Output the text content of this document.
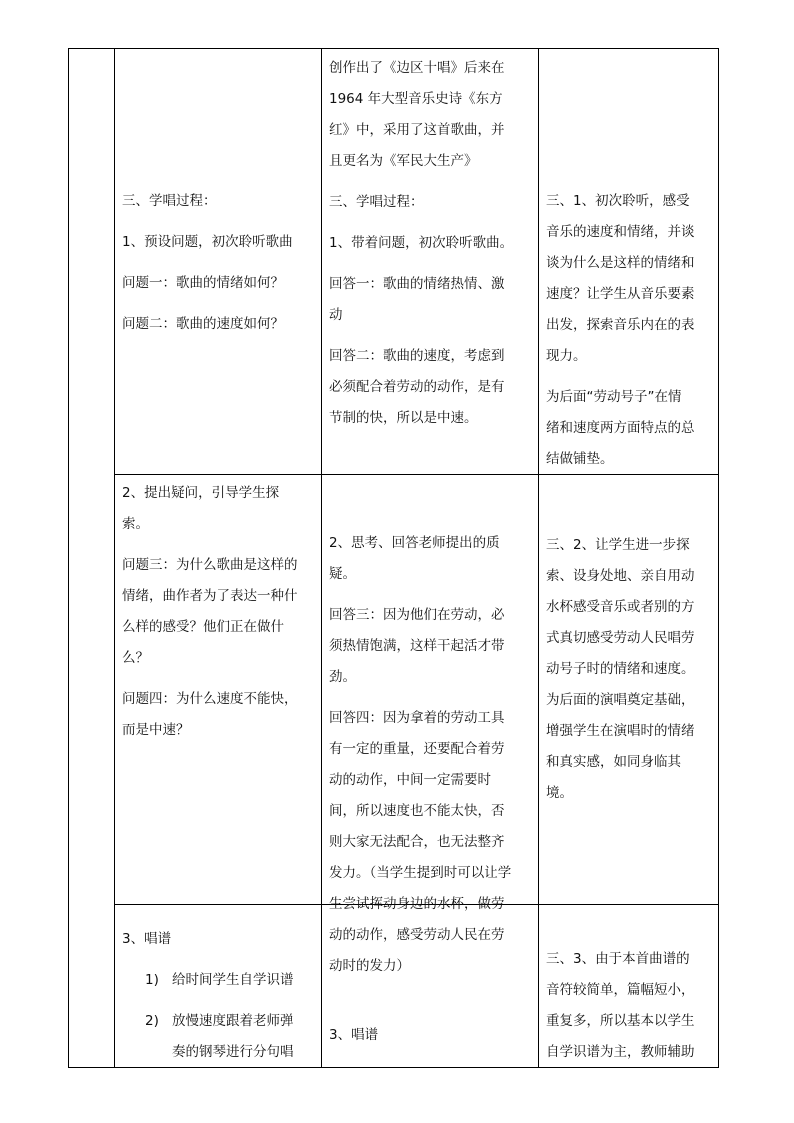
三、学唱过程：

1、预设问题，初次聆听歌曲

问题一：歌曲的情绪如何？

问题二：歌曲的速度如何？

创作出了《边区十唱》后来在

1964 年大型音乐史诗《东方

红》中，采用了这首歌曲，并

且更名为《军民大生产》

三、学唱过程：

1、带着问题，初次聆听歌曲。

回答一：歌曲的情绪热情、激

动

回答二：歌曲的速度，考虑到

必须配合着劳动的动作，是有

节制的快，所以是中速。

三、1、初次聆听，感受

音乐的速度和情绪，并谈

谈为什么是这样的情绪和

速度？让学生从音乐要素

出发，探索音乐内在的表

现力。

为后面“劳动号子”在情

绪和速度两方面特点的总

结做铺垫。

2、提出疑问，引导学生探

索。

问题三：为什么歌曲是这样的

情绪，曲作者为了表达一种什

么样的感受？他们正在做什

么？

问题四：为什么速度不能快，

而是中速？

2、思考、回答老师提出的质

疑。

回答三：因为他们在劳动，必

须热情饱满，这样干起活才带

劲。

回答四：因为拿着的劳动工具

有一定的重量，还要配合着劳

动的动作，中间一定需要时

间，所以速度也不能太快，否

则大家无法配合，也无法整齐

发力。（当学生提到时可以让学

生尝试挥动身边的水杯，做劳

动的动作，感受劳动人民在劳

动时的发力）

3、唱谱

三、2、让学生进一步探

索、设身处地、亲自用动

水杯感受音乐或者别的方

式真切感受劳动人民唱劳

动号子时的情绪和速度。

为后面的演唱奠定基础，

增强学生在演唱时的情绪

和真实感，如同身临其

境。

3、唱谱

1) 给时间学生自学识谱
2) 放慢速度跟着老师弹
奏的钢琴进行分句唱

三、3、由于本首曲谱的

音符较简单，篇幅短小，

重复多，所以基本以学生

自学识谱为主，教师辅助
